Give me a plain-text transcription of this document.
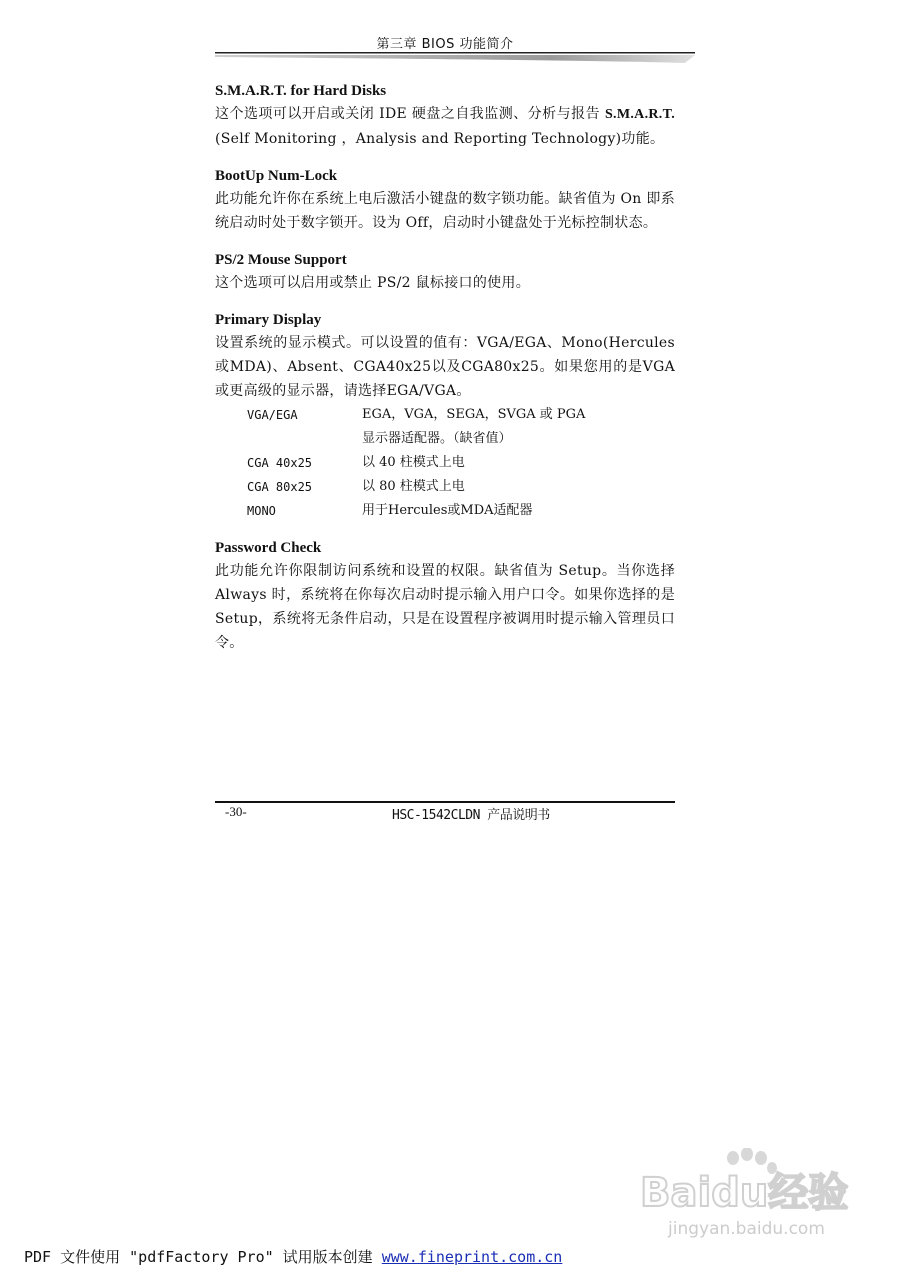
第三章 BIOS 功能简介

S.M.A.R.T. for Hard Disks

这个选项可以开启或关闭 IDE 硬盘之自我监测、分析与报告 S.M.A.R.T. (Self Monitoring ，Analysis and Reporting Technology)功能。

BootUp Num-Lock

此功能允许你在系统上电后激活小键盘的数字锁功能。缺省值为 On 即系统启动时处于数字锁开。设为 Off，启动时小键盘处于光标控制状态。

PS/2 Mouse Support

这个选项可以启用或禁止 PS/2 鼠标接口的使用。

Primary Display

设置系统的显示模式。可以设置的值有：VGA/EGA、Mono(Hercules或MDA)、Absent、CGA40x25以及CGA80x25。如果您用的是VGA或更高级的显示器，请选择EGA/VGA。

VGA/EGA	EGA，VGA，SEGA，SVGA 或 PGA
显示器适配器。（缺省值）
CGA 40x25	以 40 柱模式上电
CGA 80x25	以 80 柱模式上电
MONO	用于Hercules或MDA适配器

Password Check

此功能允许你限制访问系统和设置的权限。缺省值为 Setup。当你选择 Always 时，系统将在你每次启动时提示输入用户口令。如果你选择的是 Setup，系统将无条件启动，只是在设置程序被调用时提示输入管理员口令。

-30-	HSC-1542CLDN 产品说明书
Baidu经验
jingyan.baidu.com
PDF 文件使用 "pdfFactory Pro" 试用版本创建 www.fineprint.com.cn
